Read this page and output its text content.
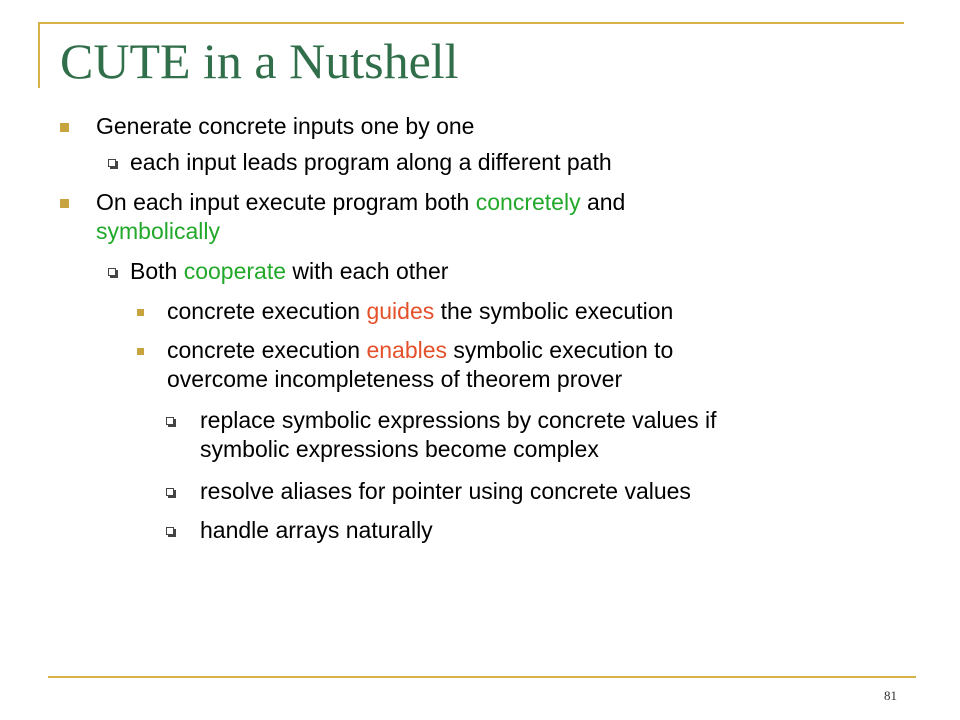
CUTE in a Nutshell
Generate concrete inputs one by one
each input leads program along a different path
On each input execute program both concretely and
symbolically
Both cooperate with each other
concrete execution guides the symbolic execution
concrete execution enables symbolic execution to
overcome incompleteness of theorem prover
replace symbolic expressions by concrete values if
symbolic expressions become complex
resolve aliases for pointer using concrete values
handle arrays naturally
81
